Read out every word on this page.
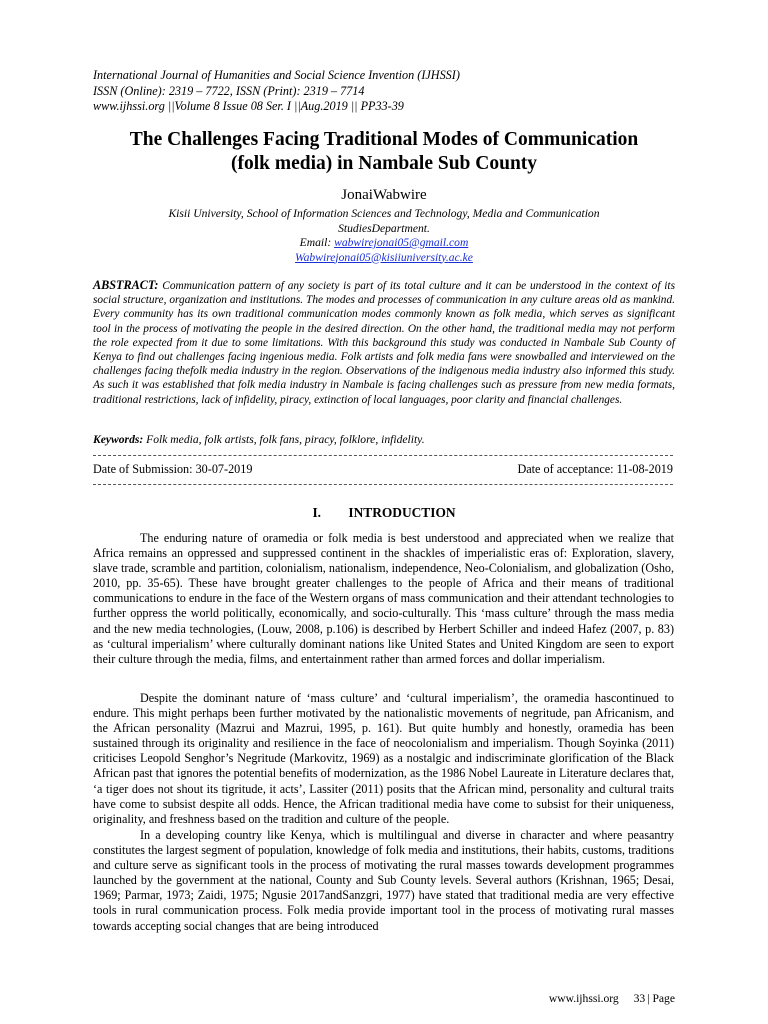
International Journal of Humanities and Social Science Invention (IJHSSI)
ISSN (Online): 2319 – 7722, ISSN (Print): 2319 – 7714
www.ijhssi.org ||Volume 8 Issue 08 Ser. I ||Aug.2019 || PP33-39
The Challenges Facing Traditional Modes of Communication
(folk media) in Nambale Sub County
JonaiWabwire
Kisii University, School of Information Sciences and Technology, Media and Communication
StudiesDepartment.
Email: wabwirejonai05@gmail.com
Wabwirejonai05@kisiiuniversity.ac.ke
ABSTRACT: Communication pattern of any society is part of its total culture and it can be understood in the context of its social structure, organization and institutions. The modes and processes of communication in any culture areas old as mankind. Every community has its own traditional communication modes commonly known as folk media, which serves as significant tool in the process of motivating the people in the desired direction. On the other hand, the traditional media may not perform the role expected from it due to some limitations. With this background this study was conducted in Nambale Sub County of Kenya to find out challenges facing ingenious media. Folk artists and folk media fans were snowballed and interviewed on the challenges facing thefolk media industry in the region. Observations of the indigenous media industry also informed this study. As such it was established that folk media industry in Nambale is facing challenges such as pressure from new media formats, traditional restrictions, lack of infidelity, piracy, extinction of local languages, poor clarity and financial challenges.
Keywords: Folk media, folk artists, folk fans, piracy, folklore, infidelity.
Date of Submission: 30-07-2019	Date of acceptance: 11-08-2019
I. INTRODUCTION

The enduring nature of oramedia or folk media is best understood and appreciated when we realize that Africa remains an oppressed and suppressed continent in the shackles of imperialistic eras of: Exploration, slavery, slave trade, scramble and partition, colonialism, nationalism, independence, Neo-Colonialism, and globalization (Osho, 2010, pp. 35-65). These have brought greater challenges to the people of Africa and their means of traditional communications to endure in the face of the Western organs of mass communication and their attendant technologies to further oppress the world politically, economically, and socio-culturally. This ‘mass culture’ through the mass media and the new media technologies, (Louw, 2008, p.106) is described by Herbert Schiller and indeed Hafez (2007, p. 83) as ‘cultural imperialism’ where culturally dominant nations like United States and United Kingdom are seen to export their culture through the media, films, and entertainment rather than armed forces and dollar imperialism.

Despite the dominant nature of ‘mass culture’ and ‘cultural imperialism’, the oramedia hascontinued to endure. This might perhaps been further motivated by the nationalistic movements of negritude, pan Africanism, and the African personality (Mazrui and Mazrui, 1995, p. 161). But quite humbly and honestly, oramedia has been sustained through its originality and resilience in the face of neocolonialism and imperialism. Though Soyinka (2011) criticises Leopold Senghor’s Negritude (Markovitz, 1969) as a nostalgic and indiscriminate glorification of the Black African past that ignores the potential benefits of modernization, as the 1986 Nobel Laureate in Literature declares that, ‘a tiger does not shout its tigritude, it acts’, Lassiter (2011) posits that the African mind, personality and cultural traits have come to subsist despite all odds. Hence, the African traditional media have come to subsist for their uniqueness, originality, and freshness based on the tradition and culture of the people.

In a developing country like Kenya, which is multilingual and diverse in character and where peasantry constitutes the largest segment of population, knowledge of folk media and institutions, their habits, customs, traditions and culture serve as significant tools in the process of motivating the rural masses towards development programmes launched by the government at the national, County and Sub County levels. Several authors (Krishnan, 1965; Desai, 1969; Parmar, 1973; Zaidi, 1975; Ngusie 2017andSanzgri, 1977) have stated that traditional media are very effective tools in rural communication process. Folk media provide important tool in the process of motivating rural masses towards accepting social changes that are being introduced

www.ijhssi.org 33 | Page
